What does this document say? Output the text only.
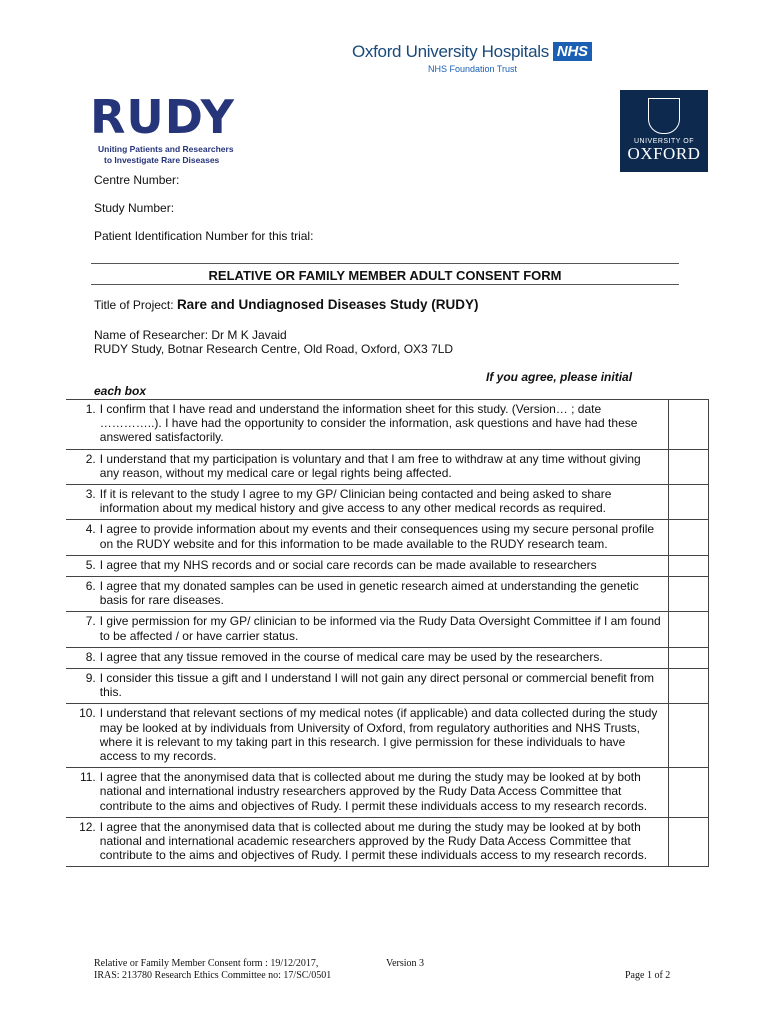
Oxford University Hospitals NHS
NHS Foundation Trust
RUDY
Uniting Patients and Researchers
to Investigate Rare Diseases
UNIVERSITY OF
OXFORD
Centre Number:
Study Number:
Patient Identification Number for this trial:
RELATIVE OR FAMILY MEMBER ADULT CONSENT FORM
Title of Project: Rare and Undiagnosed Diseases Study (RUDY)
Name of Researcher: Dr M K Javaid
RUDY Study, Botnar Research Centre, Old Road, Oxford, OX3 7LD
If you agree, please initial
each box
1.	I confirm that I have read and understand the information sheet for this study. (Version… ; date …………..). I have had the opportunity to consider the information, ask questions and have had these answered satisfactorily.	
2.	I understand that my participation is voluntary and that I am free to withdraw at any time without giving any reason, without my medical care or legal rights being affected.	
3.	If it is relevant to the study I agree to my GP/ Clinician being contacted and being asked to share information about my medical history and give access to any other medical records as required.	
4.	I agree to provide information about my events and their consequences using my secure personal profile on the RUDY website and for this information to be made available to the RUDY research team.	
5.	I agree that my NHS records and or social care records can be made available to researchers	
6.	I agree that my donated samples can be used in genetic research aimed at understanding the genetic basis for rare diseases.	
7.	I give permission for my GP/ clinician to be informed via the Rudy Data Oversight Committee if I am found to be affected / or have carrier status.	
8.	I agree that any tissue removed in the course of medical care may be used by the researchers.	
9.	I consider this tissue a gift and I understand I will not gain any direct personal or commercial benefit from this.	
10.	I understand that relevant sections of my medical notes (if applicable) and data collected during the study may be looked at by individuals from University of Oxford, from regulatory authorities and NHS Trusts, where it is relevant to my taking part in this research. I give permission for these individuals to have access to my records.	
11.	I agree that the anonymised data that is collected about me during the study may be looked at by both national and international industry researchers approved by the Rudy Data Access Committee that contribute to the aims and objectives of Rudy. I permit these individuals access to my research records.	
12.	I agree that the anonymised data that is collected about me during the study may be looked at by both national and international academic researchers approved by the Rudy Data Access Committee that contribute to the aims and objectives of Rudy. I permit these individuals access to my research records.	
Relative or Family Member Consent form : 19/12/2017,	Version 3
IRAS: 213780 Research Ethics Committee no: 17/SC/0501	Page 1 of 2
